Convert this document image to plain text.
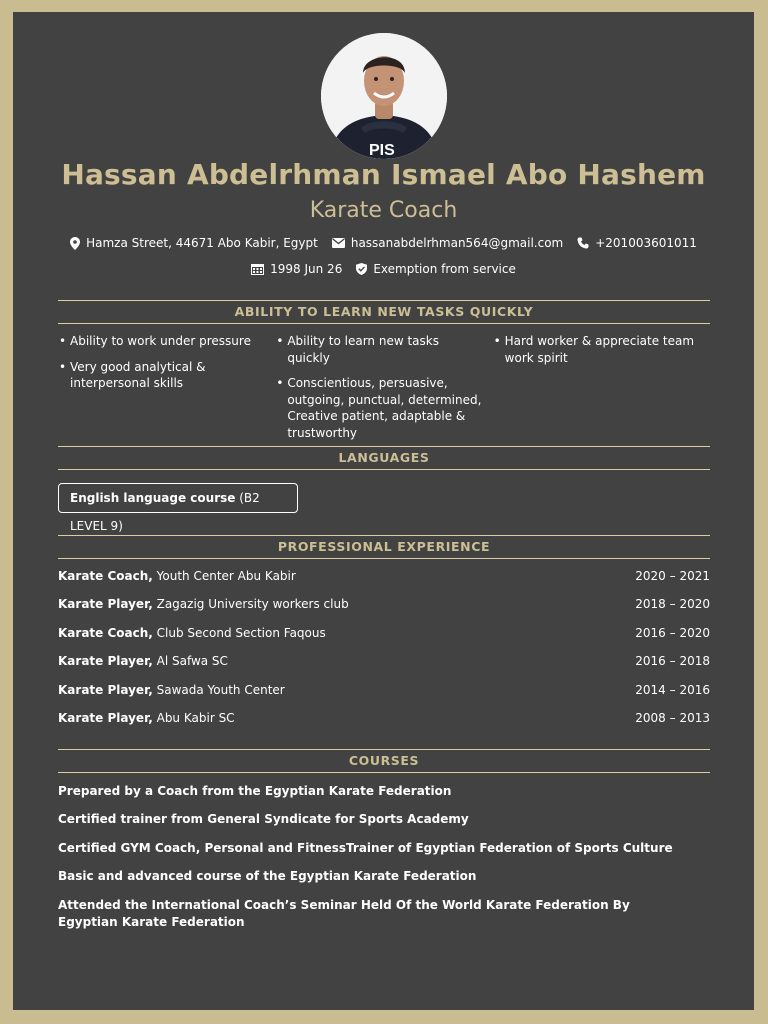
PIS
Hassan Abdelrhman Ismael Abo Hashem
Karate Coach
Hamza Street, 44671 Abo Kabir, Egypt	hassanabdelrhman564@gmail.com	+201003601011
1998 Jun 26	Exemption from service
ABILITY TO LEARN NEW TASKS QUICKLY
• Ability to work under pressure
• Very good analytical & interpersonal skills
• Ability to learn new tasks quickly
• Conscientious, persuasive, outgoing, punctual, determined, Creative patient, adaptable & trustworthy
• Hard worker & appreciate team work spirit
LANGUAGES
English language course (B2 LEVEL 9)
PROFESSIONAL EXPERIENCE
Karate Coach, Youth Center Abu Kabir	2020 – 2021
Karate Player, Zagazig University workers club	2018 – 2020
Karate Coach, Club Second Section Faqous	2016 – 2020
Karate Player, Al Safwa SC	2016 – 2018
Karate Player, Sawada Youth Center	2014 – 2016
Karate Player, Abu Kabir SC	2008 – 2013
COURSES
Prepared by a Coach from the Egyptian Karate Federation
Certified trainer from General Syndicate for Sports Academy
Certified GYM Coach, Personal and FitnessTrainer of Egyptian Federation of Sports Culture
Basic and advanced course of the Egyptian Karate Federation
Attended the International Coach’s Seminar Held Of the World Karate Federation By Egyptian Karate Federation
